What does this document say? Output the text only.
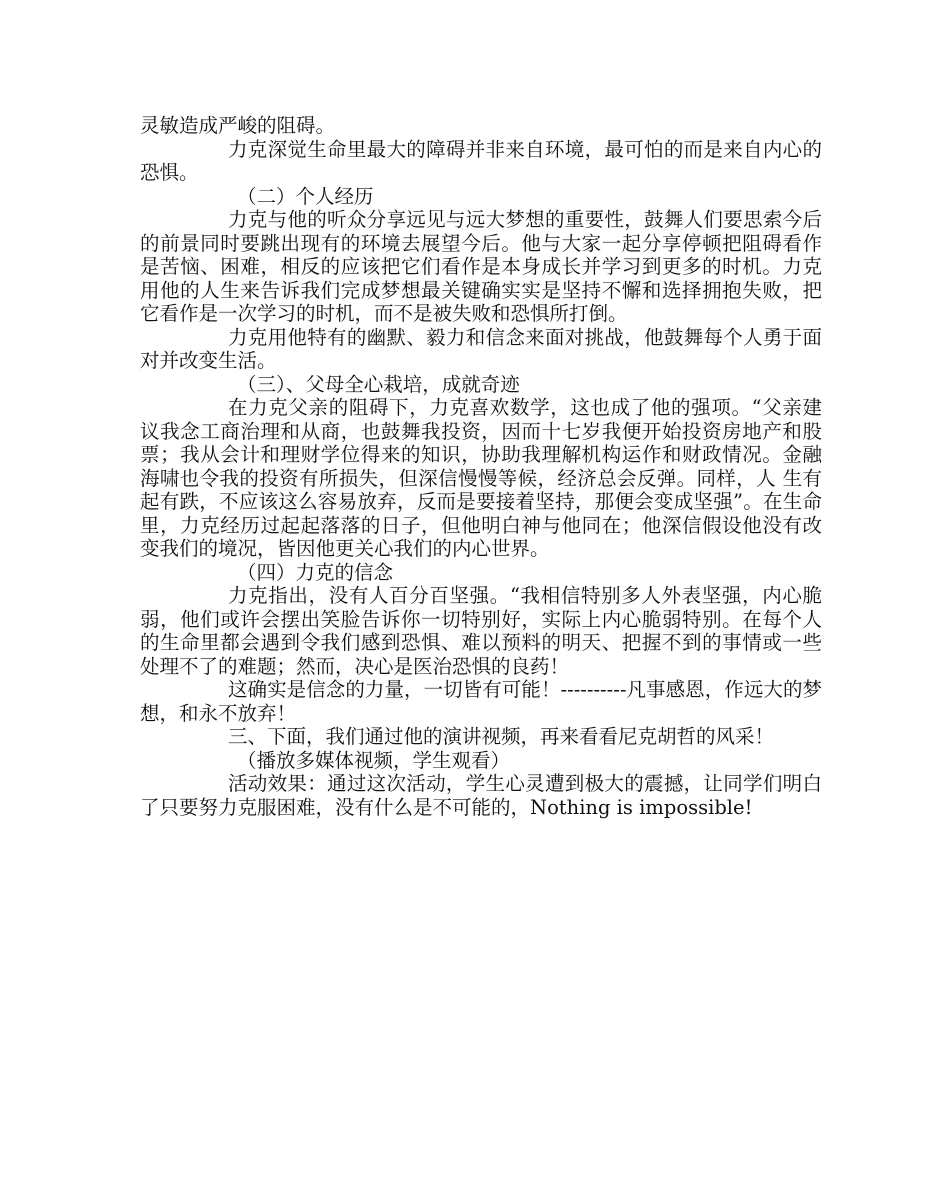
灵敏造成严峻的阻碍。

力克深觉生命里最大的障碍并非来自环境，最可怕的而是来自内心的恐惧。

（二）个人经历

力克与他的听众分享远见与远大梦想的重要性，鼓舞人们要思索今后的前景同时要跳出现有的环境去展望今后。他与大家一起分享停顿把阻碍看作是苦恼、困难，相反的应该把它们看作是本身成长并学习到更多的时机。力克用他的人生来告诉我们完成梦想最关键确实实是坚持不懈和选择拥抱失败，把它看作是一次学习的时机，而不是被失败和恐惧所打倒。

力克用他特有的幽默、毅力和信念来面对挑战，他鼓舞每个人勇于面对并改变生活。

（三）、父母全心栽培，成就奇迹

在力克父亲的阻碍下，力克喜欢数学，这也成了他的强项。“父亲建议我念工商治理和从商，也鼓舞我投资，因而十七岁我便开始投资房地产和股票；我从会计和理财学位得来的知识，协助我理解机构运作和财政情况。金融海啸也令我的投资有所损失，但深信慢慢等候，经济总会反弹。同样，人 生有起有跌，不应该这么容易放弃，反而是要接着坚持，那便会变成坚强”。在生命里，力克经历过起起落落的日子，但他明白神与他同在；他深信假设他没有改变我们的境况，皆因他更关心我们的内心世界。

（四）力克的信念

力克指出，没有人百分百坚强。“我相信特别多人外表坚强，内心脆弱，他们或许会摆出笑脸告诉你一切特别好，实际上内心脆弱特别。在每个人的生命里都会遇到令我们感到恐惧、难以预料的明天、把握不到的事情或一些处理不了的难题；然而，决心是医治恐惧的良药！

这确实是信念的力量，一切皆有可能！----------凡事感恩，作远大的梦想，和永不放弃！

三、下面，我们通过他的演讲视频，再来看看尼克胡哲的风采！

（播放多媒体视频，学生观看）

活动效果：通过这次活动，学生心灵遭到极大的震撼，让同学们明白了只要努力克服困难，没有什么是不可能的，Nothing is impossible!
